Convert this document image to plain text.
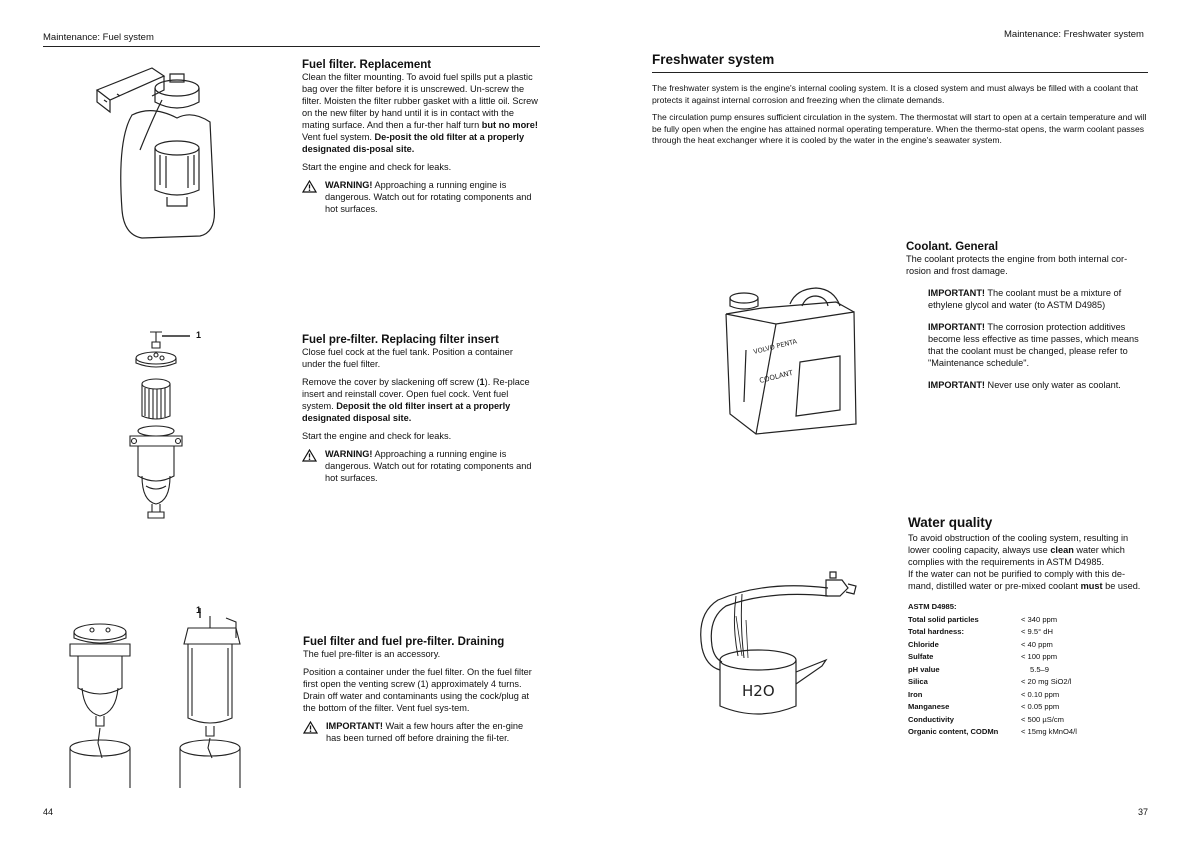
Maintenance: Fuel system
Fuel filter. Replacement

Clean the filter mounting. To avoid fuel spills put a plastic bag over the filter before it is unscrewed. Un-screw the filter. Moisten the filter rubber gasket with a little oil. Screw on the new filter by hand until it is in contact with the mating surface. And then a fur-ther half turn but no more! Vent fuel system. De-posit the old filter at a properly designated dis-posal site.

Start the engine and check for leaks.

WARNING! Approaching a running engine is dangerous. Watch out for rotating components and hot surfaces.
1	Fuel pre-filter. Replacing filter insert

Close fuel cock at the fuel tank. Position a container under the fuel filter.

Remove the cover by slackening off screw (1). Re-place insert and reinstall cover. Open fuel cock. Vent fuel system. Deposit the old filter insert at a properly designated disposal site.

Start the engine and check for leaks.

WARNING! Approaching a running engine is dangerous. Watch out for rotating components and hot surfaces.
1
Fuel filter and fuel pre-filter. Draining

The fuel pre-filter is an accessory.

Position a container under the fuel filter. On the fuel filter first open the venting screw (1) approximately 4 turns. Drain off water and contaminants using the cock/plug at the bottom of the filter. Vent fuel sys-tem.

IMPORTANT! Wait a few hours after the en-gine has been turned off before draining the fil-ter.
44
Maintenance: Freshwater system
Freshwater system

The freshwater system is the engine's internal cooling system. It is a closed system and must always be filled with a coolant that protects it against internal corrosion and freezing when the climate demands.

The circulation pump ensures sufficient circulation in the system. The thermostat will start to open at a certain temperature and will be fully open when the engine has attained normal operating temperature. When the thermo-stat opens, the warm coolant passes through the heat exchanger where it is cooled by the water in the engine's seawater system.

VOLVO PENTA
COOLANT
Coolant. General

The coolant protects the engine from both internal cor-rosion and frost damage.

IMPORTANT! The coolant must be a mixture of ethylene glycol and water (to ASTM D4985)
IMPORTANT! The corrosion protection additives become less effective as time passes, which means that the coolant must be changed, please refer to "Maintenance schedule".
IMPORTANT! Never use only water as coolant.
H2O
Water quality

To avoid obstruction of the cooling system, resulting in lower cooling capacity, always use clean water which complies with the requirements in ASTM D4985.

If the water can not be purified to comply with this de-mand, distilled water or pre-mixed coolant must be used.

ASTM D4985:	
Total solid particles	< 340 ppm
Total hardness:	< 9.5° dH
Chloride	< 40 ppm
Sulfate	< 100 ppm
pH value	5.5–9
Silica	< 20 mg SiO2/l
Iron	< 0.10 ppm
Manganese	< 0.05 ppm
Conductivity	< 500 µS/cm
Organic content, CODMn	< 15mg kMnO4/l
37
